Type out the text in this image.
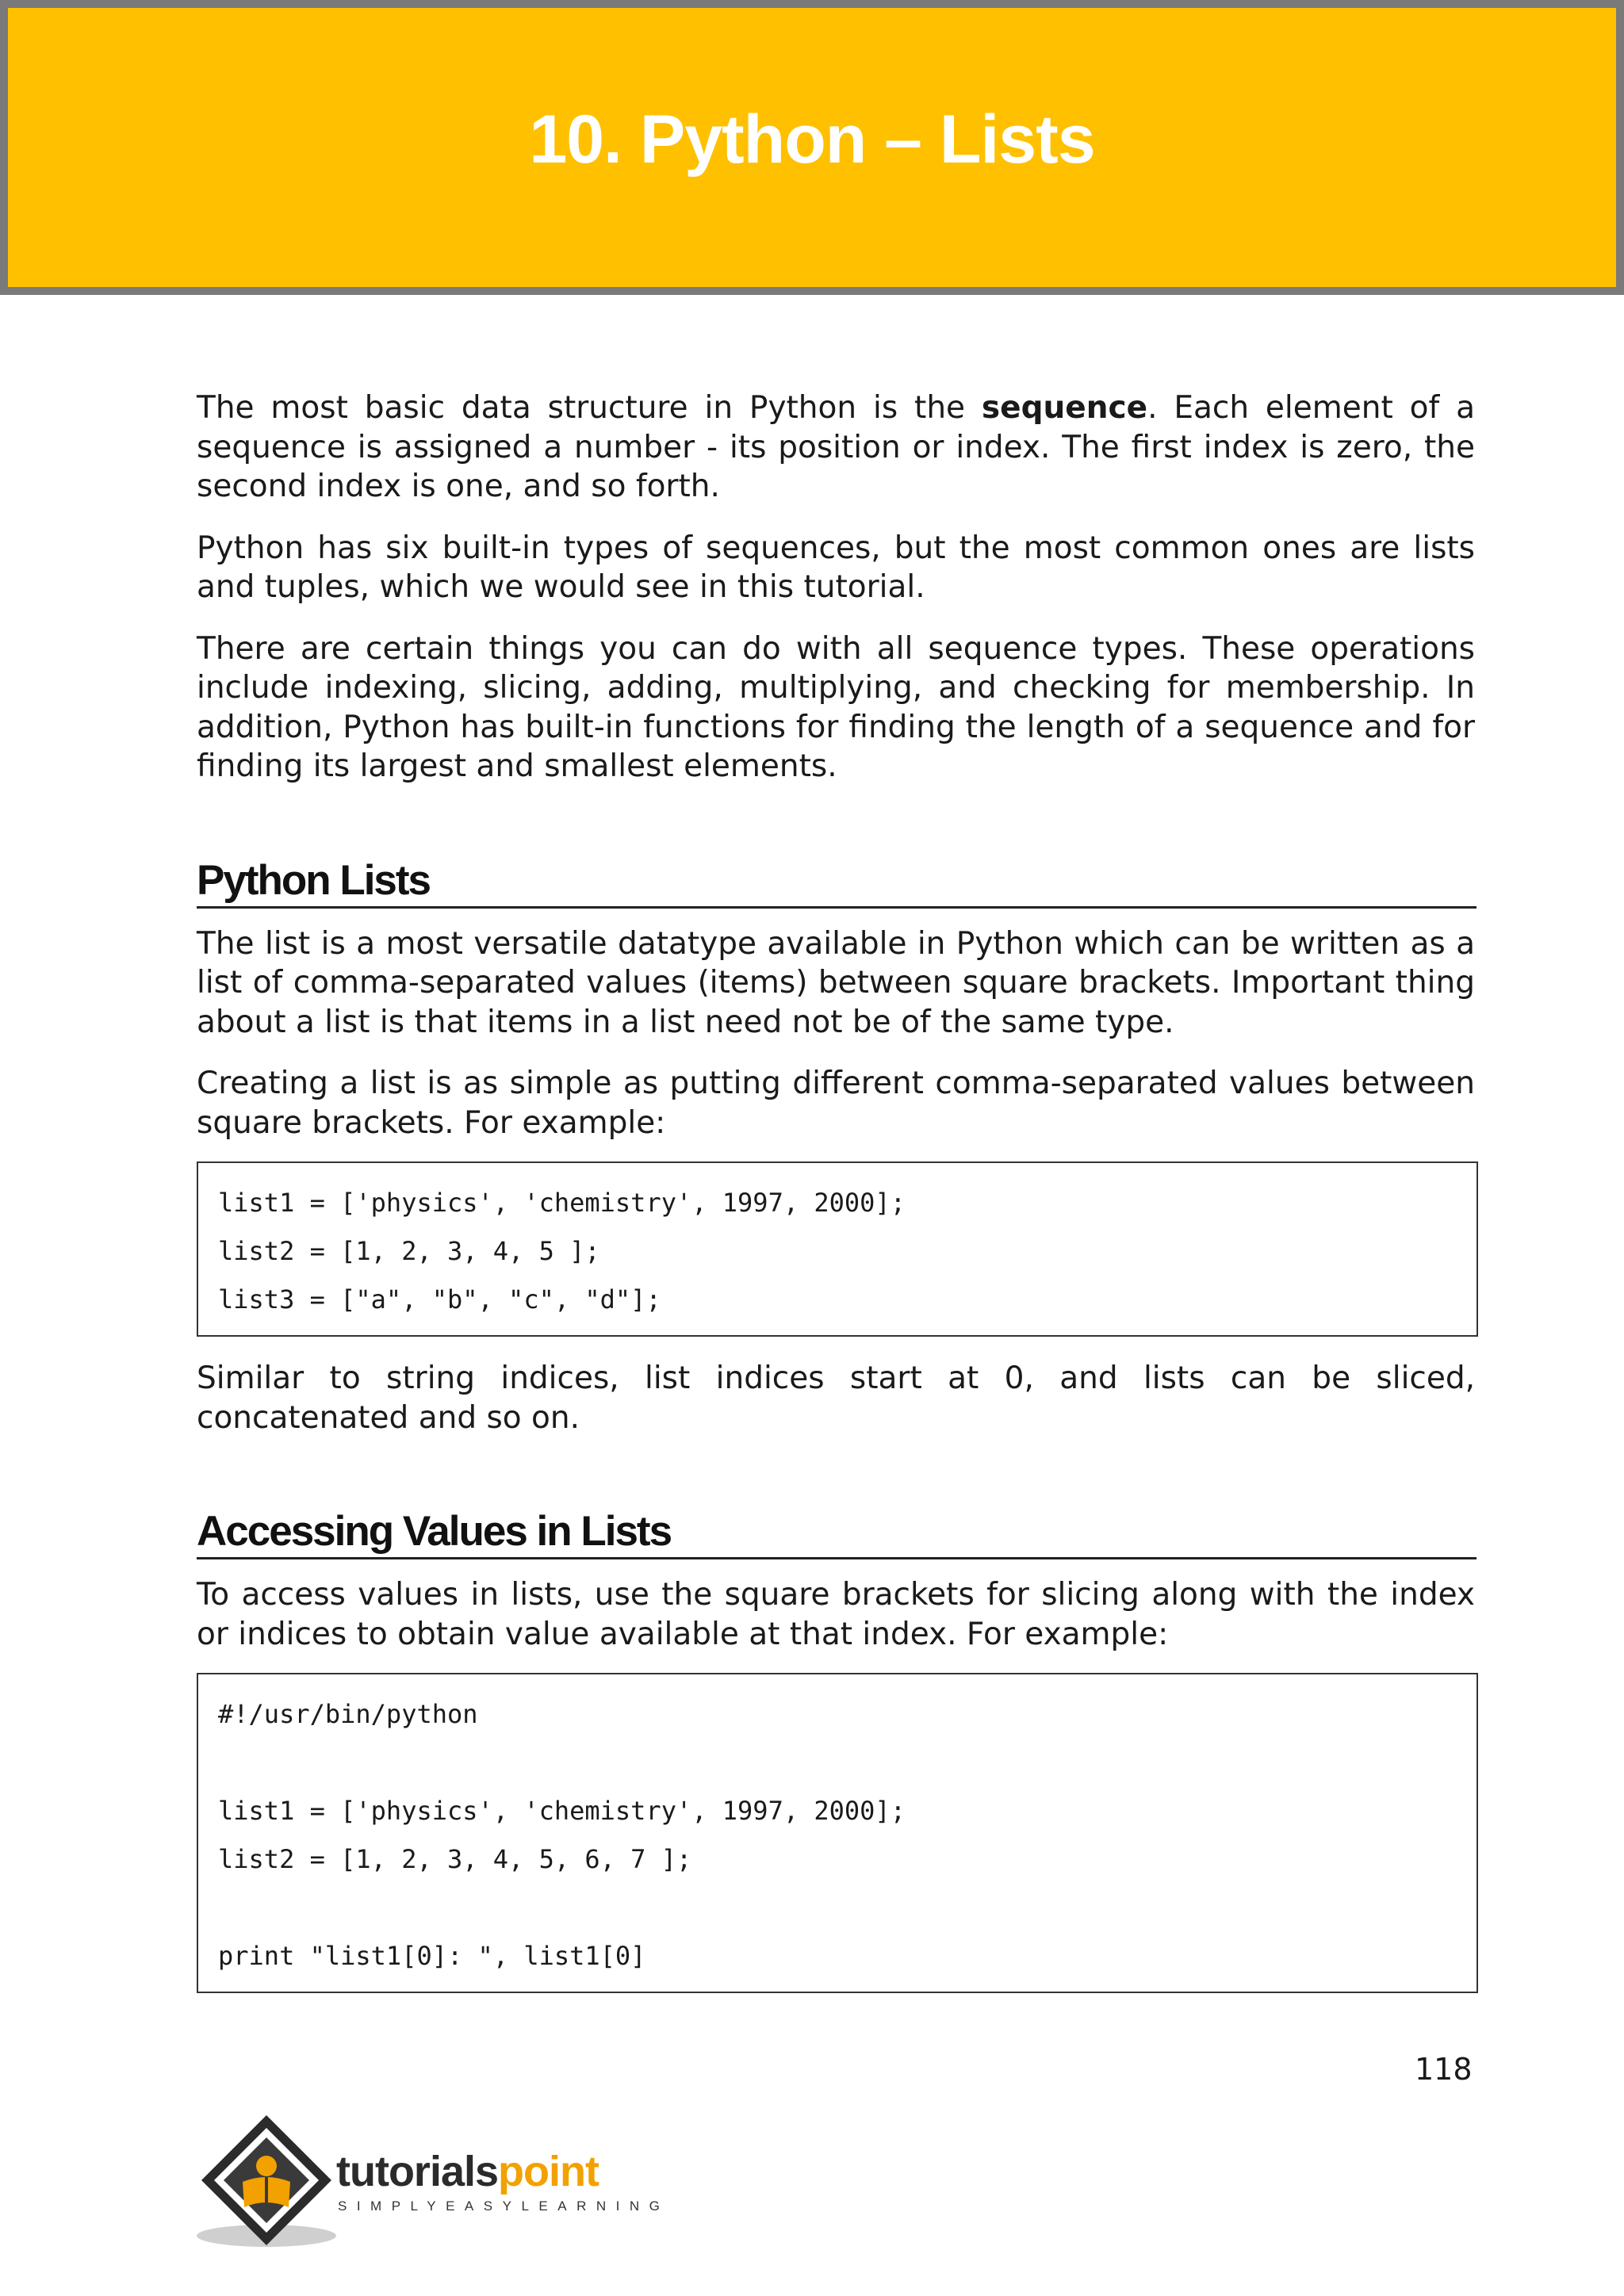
10. Python – Lists

The most basic data structure in Python is the sequence. Each element of a sequence is assigned a number - its position or index. The first index is zero, the second index is one, and so forth.

Python has six built-in types of sequences, but the most common ones are lists and tuples, which we would see in this tutorial.

There are certain things you can do with all sequence types. These operations include indexing, slicing, adding, multiplying, and checking for membership. In addition, Python has built-in functions for finding the length of a sequence and for finding its largest and smallest elements.

Python Lists

The list is a most versatile datatype available in Python which can be written as a list of comma-separated values (items) between square brackets. Important thing about a list is that items in a list need not be of the same type.

Creating a list is as simple as putting different comma-separated values between square brackets. For example:

list1 = ['physics', 'chemistry', 1997, 2000];
list2 = [1, 2, 3, 4, 5 ];
list3 = ["a", "b", "c", "d"];

Similar to string indices, list indices start at 0, and lists can be sliced, concatenated and so on.

Accessing Values in Lists

To access values in lists, use the square brackets for slicing along with the index or indices to obtain value available at that index. For example:

#!/usr/bin/python
list1 = ['physics', 'chemistry', 1997, 2000];
list2 = [1, 2, 3, 4, 5, 6, 7 ];
print "list1[0]: ", list1[0]
118
tutorialspoint
SIMPLYEASYLEARNING
